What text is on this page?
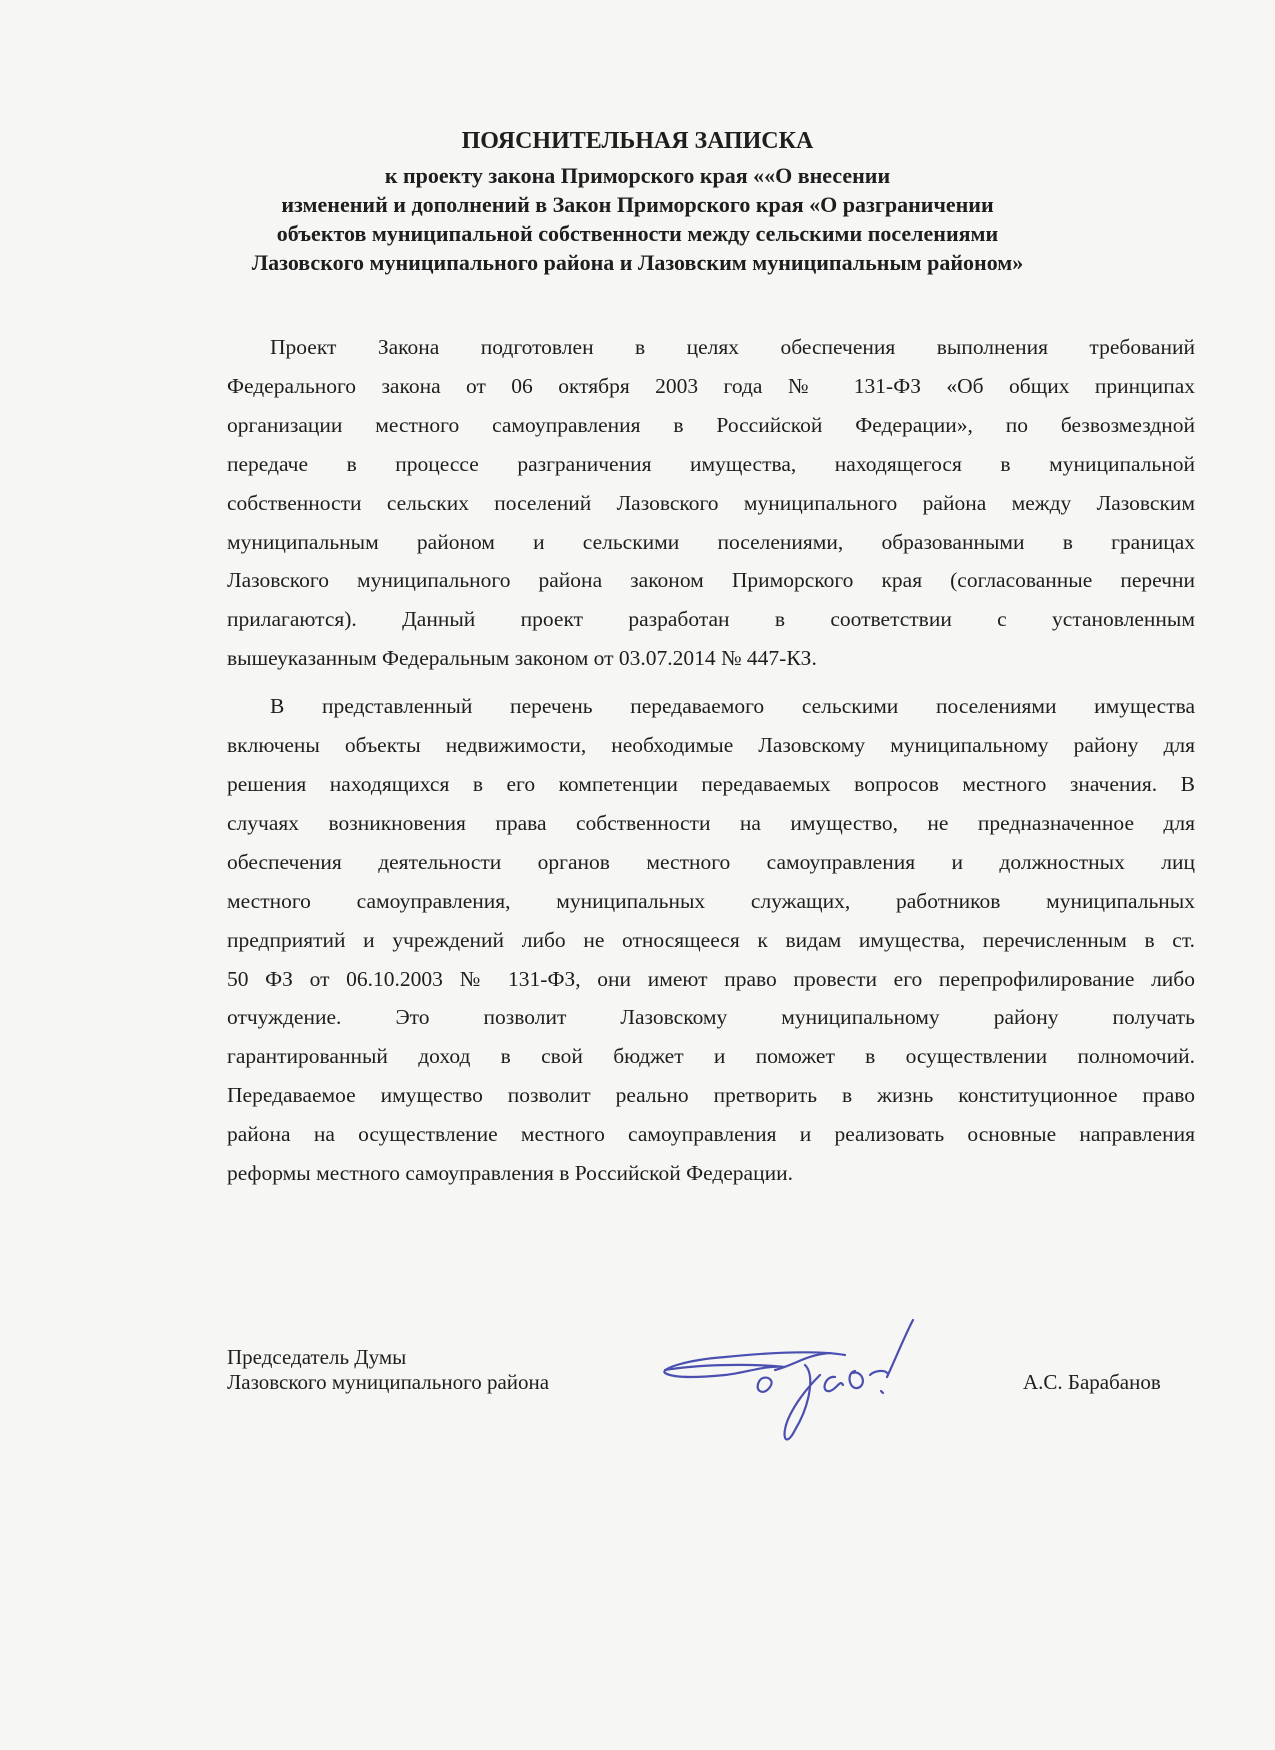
ПОЯСНИТЕЛЬНАЯ ЗАПИСКА
к проекту закона Приморского края ««О внесении
изменений и дополнений в Закон Приморского края «О разграничении
объектов муниципальной собственности между сельскими поселениями
Лазовского муниципального района и Лазовским муниципальным районом»
Проект Закона подготовлен в целях обеспечения выполнения требований
Федерального закона от 06 октября 2003 года № 131-ФЗ «Об общих принципах
организации местного самоуправления в Российской Федерации», по безвозмездной
передаче в процессе разграничения имущества, находящегося в муниципальной
собственности сельских поселений Лазовского муниципального района между Лазовским
муниципальным районом и сельскими поселениями, образованными в границах
Лазовского муниципального района законом Приморского края (согласованные перечни
прилагаются). Данный проект разработан в соответствии с установленным
вышеуказанным Федеральным законом от 03.07.2014 № 447-КЗ.
В представленный перечень передаваемого сельскими поселениями имущества
включены объекты недвижимости, необходимые Лазовскому муниципальному району для
решения находящихся в его компетенции передаваемых вопросов местного значения. В
случаях возникновения права собственности на имущество, не предназначенное для
обеспечения деятельности органов местного самоуправления и должностных лиц
местного самоуправления, муниципальных служащих, работников муниципальных
предприятий и учреждений либо не относящееся к видам имущества, перечисленным в ст.
50 ФЗ от 06.10.2003 № 131-ФЗ, они имеют право провести его перепрофилирование либо
отчуждение. Это позволит Лазовскому муниципальному району получать
гарантированный доход в свой бюджет и поможет в осуществлении полномочий.
Передаваемое имущество позволит реально претворить в жизнь конституционное право
района на осуществление местного самоуправления и реализовать основные направления
реформы местного самоуправления в Российской Федерации.
Председатель Думы
Лазовского муниципального района	А.С. Барабанов
